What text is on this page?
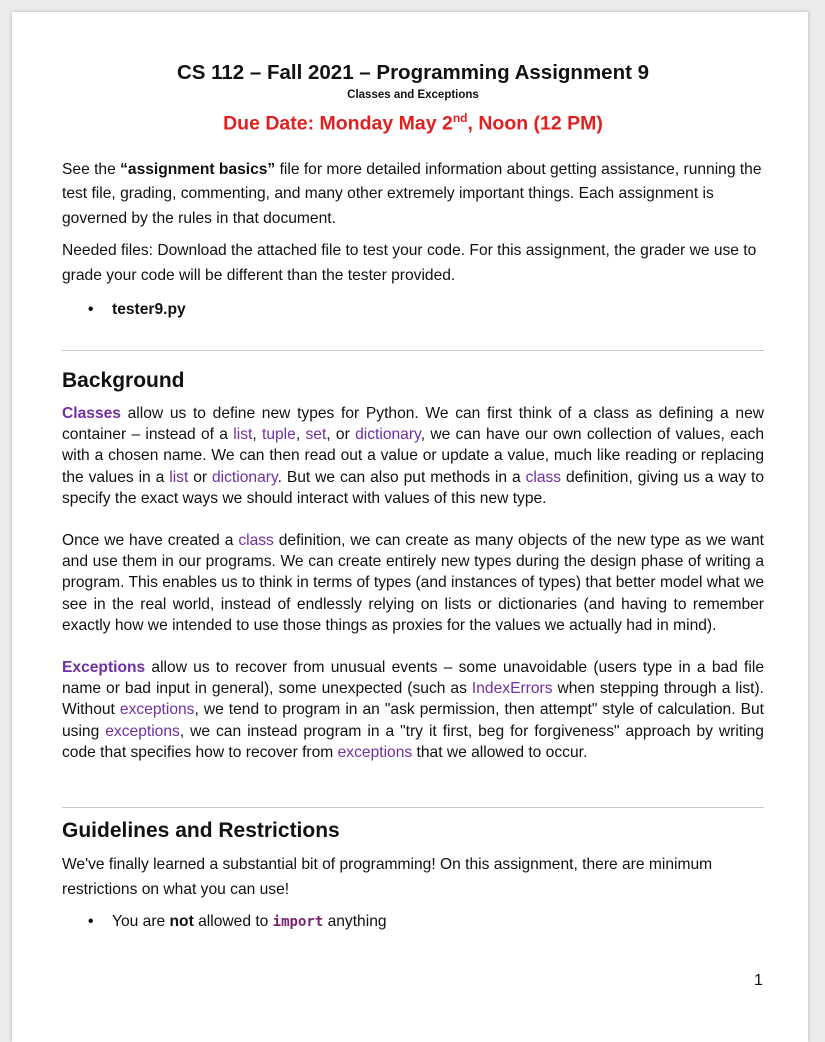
CS 112 – Fall 2021 – Programming Assignment 9
Classes and Exceptions
Due Date: Monday May 2nd, Noon (12 PM)

See the “assignment basics” file for more detailed information about getting assistance, running the test file, grading, commenting, and many other extremely important things. Each assignment is governed by the rules in that document.

Needed files: Download the attached file to test your code. For this assignment, the grader we use to grade your code will be different than the tester provided.

• tester9.py
Background

Classes allow us to define new types for Python. We can first think of a class as defining a new container – instead of a list, tuple, set, or dictionary, we can have our own collection of values, each with a chosen name. We can then read out a value or update a value, much like reading or replacing the values in a list or dictionary. But we can also put methods in a class definition, giving us a way to specify the exact ways we should interact with values of this new type.

Once we have created a class definition, we can create as many objects of the new type as we want and use them in our programs. We can create entirely new types during the design phase of writing a program. This enables us to think in terms of types (and instances of types) that better model what we see in the real world, instead of endlessly relying on lists or dictionaries (and having to remember exactly how we intended to use those things as proxies for the values we actually had in mind).

Exceptions allow us to recover from unusual events – some unavoidable (users type in a bad file name or bad input in general), some unexpected (such as IndexErrors when stepping through a list). Without exceptions, we tend to program in an "ask permission, then attempt" style of calculation. But using exceptions, we can instead program in a "try it first, beg for forgiveness" approach by writing code that specifies how to recover from exceptions that we allowed to occur.

Guidelines and Restrictions

We've finally learned a substantial bit of programming! On this assignment, there are minimum restrictions on what you can use!

• You are not allowed to import anything
1
